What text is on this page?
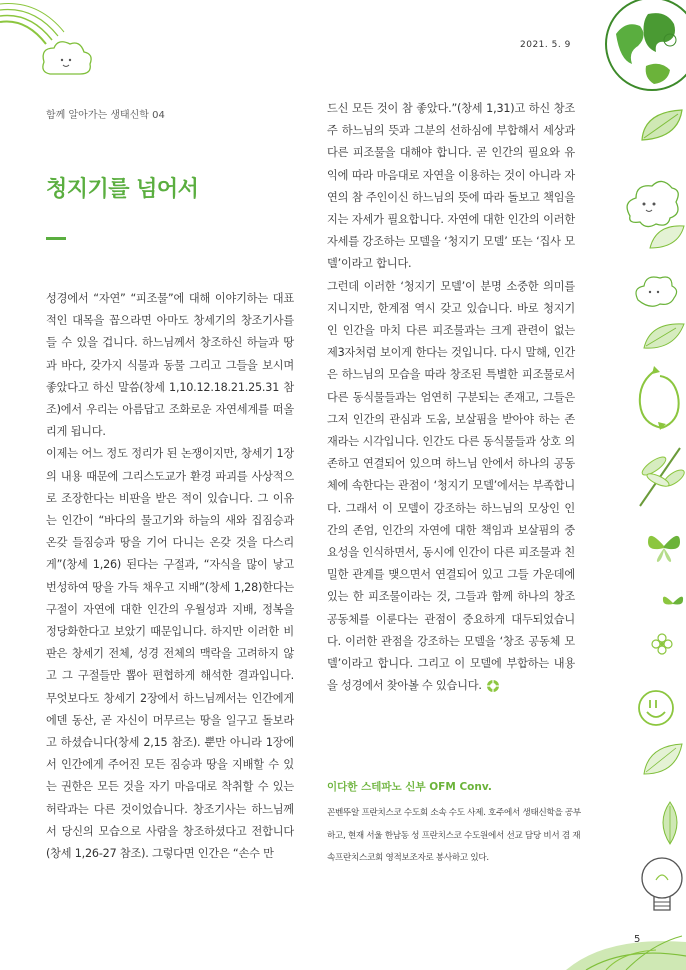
2021. 5. 9
함께 알아가는 생태신학 04
청지기를 넘어서

성경에서 “자연” “피조물”에 대해 이야기하는 대표적인 대목을 꼽으라면 아마도 창세기의 창조기사를 들 수 있을 겁니다. 하느님께서 창조하신 하늘과 땅과 바다, 갖가지 식물과 동물 그리고 그들을 보시며 좋았다고 하신 말씀(창세 1,10.12.18.21.25.31 참조)에서 우리는 아름답고 조화로운 자연세계를 떠올리게 됩니다.

이제는 어느 정도 정리가 된 논쟁이지만, 창세기 1장의 내용 때문에 그리스도교가 환경 파괴를 사상적으로 조장한다는 비판을 받은 적이 있습니다. 그 이유는 인간이 “바다의 물고기와 하늘의 새와 집짐승과 온갖 들짐승과 땅을 기어 다니는 온갖 것을 다스리게”(창세 1,26) 된다는 구절과, “자식을 많이 낳고 번성하여 땅을 가득 채우고 지배”(창세 1,28)한다는 구절이 자연에 대한 인간의 우월성과 지배, 정복을 정당화한다고 보았기 때문입니다. 하지만 이러한 비판은 창세기 전체, 성경 전체의 맥락을 고려하지 않고 그 구절들만 뽑아 편협하게 해석한 결과입니다. 무엇보다도 창세기 2장에서 하느님께서는 인간에게 에덴 동산, 곧 자신이 머무르는 땅을 일구고 돌보라고 하셨습니다(창세 2,15 참조). 뿐만 아니라 1장에서 인간에게 주어진 모든 짐승과 땅을 지배할 수 있는 권한은 모든 것을 자기 마음대로 착취할 수 있는 허락과는 다른 것이었습니다. 창조기사는 하느님께서 당신의 모습으로 사람을 창조하셨다고 전합니다(창세 1,26-27 참조). 그렇다면 인간은 “손수 만

드신 모든 것이 참 좋았다.”(창세 1,31)고 하신 창조주 하느님의 뜻과 그분의 선하심에 부합해서 세상과 다른 피조물을 대해야 합니다. 곧 인간의 필요와 유익에 따라 마음대로 자연을 이용하는 것이 아니라 자연의 참 주인이신 하느님의 뜻에 따라 돌보고 책임을 지는 자세가 필요합니다. 자연에 대한 인간의 이러한 자세를 강조하는 모델을 ‘청지기 모델’ 또는 ‘집사 모델’이라고 합니다.

그런데 이러한 ‘청지기 모델’이 분명 소중한 의미를 지니지만, 한계점 역시 갖고 있습니다. 바로 청지기인 인간을 마치 다른 피조물과는 크게 관련이 없는 제3자처럼 보이게 한다는 것입니다. 다시 말해, 인간은 하느님의 모습을 따라 창조된 특별한 피조물로서 다른 동식물들과는 엄연히 구분되는 존재고, 그들은 그저 인간의 관심과 도움, 보살핌을 받아야 하는 존재라는 시각입니다. 인간도 다른 동식물들과 상호 의존하고 연결되어 있으며 하느님 안에서 하나의 공동체에 속한다는 관점이 ‘청지기 모델’에서는 부족합니다. 그래서 이 모델이 강조하는 하느님의 모상인 인간의 존엄, 인간의 자연에 대한 책임과 보살핌의 중요성을 인식하면서, 동시에 인간이 다른 피조물과 친밀한 관계를 맺으면서 연결되어 있고 그들 가운데에 있는 한 피조물이라는 것, 그들과 함께 하나의 창조 공동체를 이룬다는 관점이 중요하게 대두되었습니다. 이러한 관점을 강조하는 모델을 ‘창조 공동체 모델’이라고 합니다. 그리고 이 모델에 부합하는 내용을 성경에서 찾아볼 수 있습니다.

이다한 스테파노 신부 OFM Conv.
꼰벤뚜알 프란치스코 수도회 소속 수도 사제. 호주에서 생태신학을 공부하고, 현재 서울 한남동 성 프란치스코 수도원에서 선교 담당 비서 겸 재속프란치스코회 영적보조자로 봉사하고 있다.
5
